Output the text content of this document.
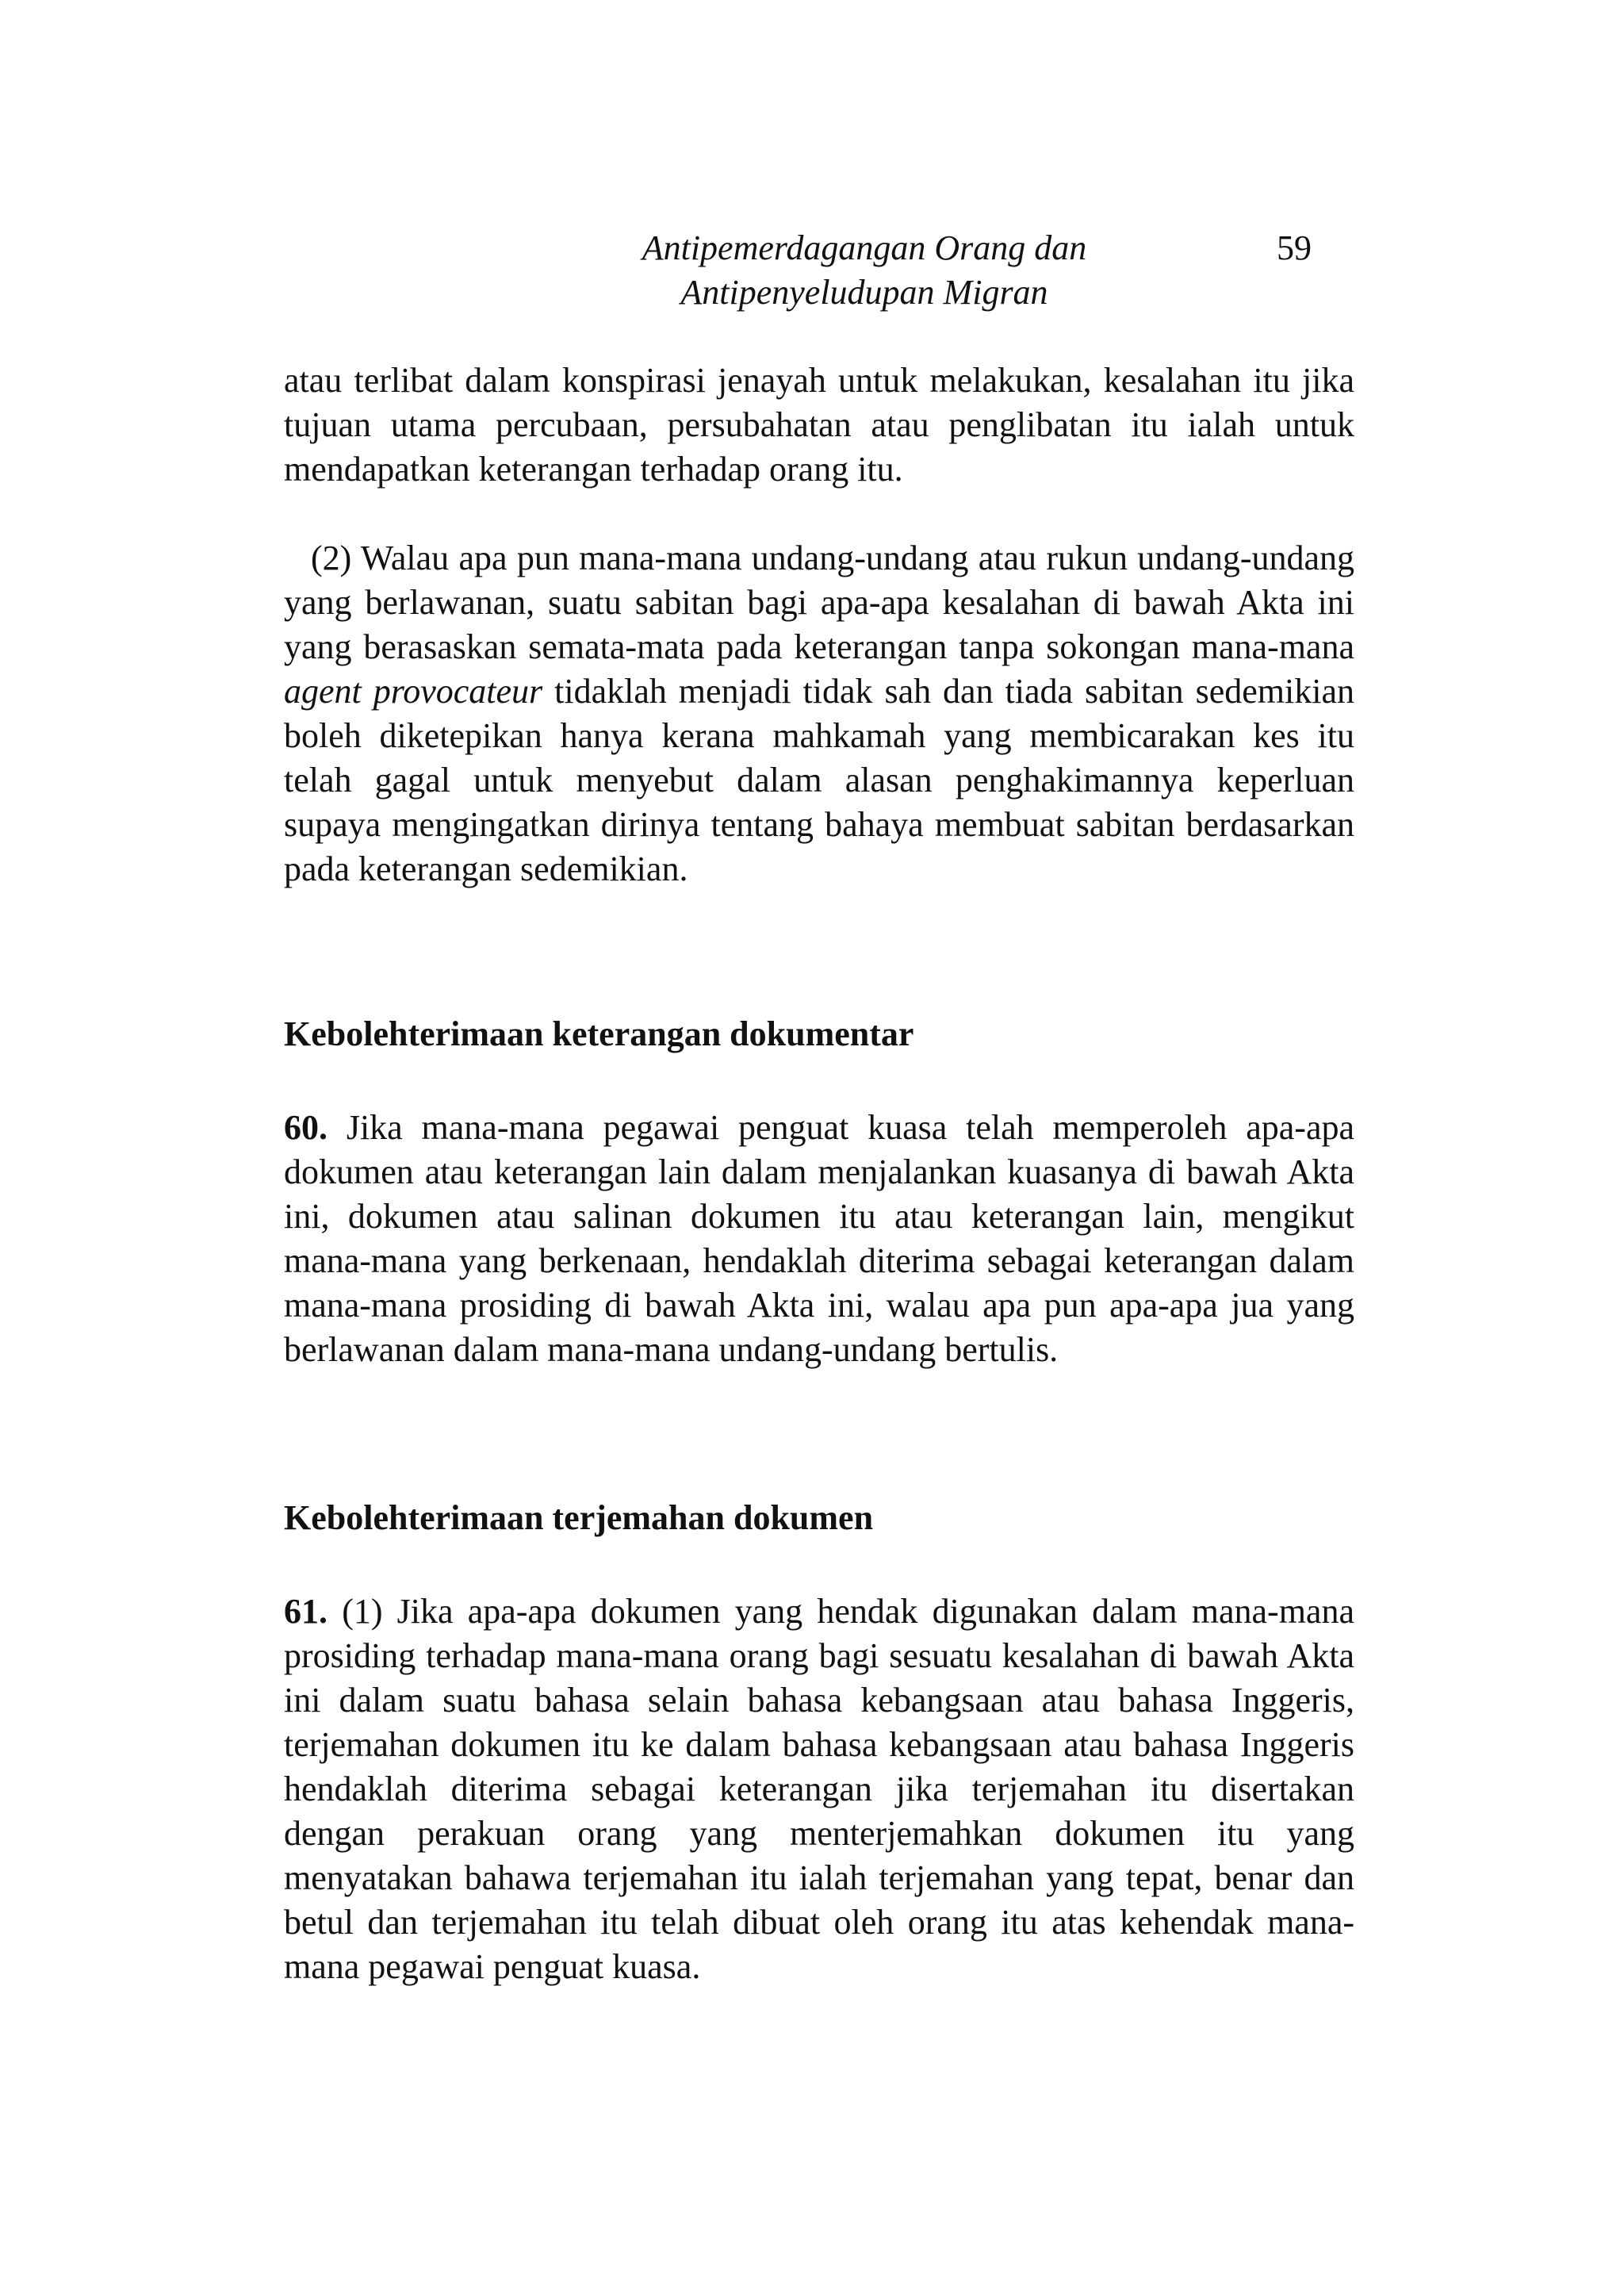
Antipemerdagangan Orang dan
Antipenyeludupan Migran
59

atau terlibat dalam konspirasi jenayah untuk melakukan, kesalahan itu jika tujuan utama percubaan, persubahatan atau penglibatan itu ialah untuk mendapatkan keterangan terhadap orang itu.

(2) Walau apa pun mana-mana undang-undang atau rukun undang-undang yang berlawanan, suatu sabitan bagi apa-apa kesalahan di bawah Akta ini yang berasaskan semata-mata pada keterangan tanpa sokongan mana-mana agent provocateur tidaklah menjadi tidak sah dan tiada sabitan sedemikian boleh diketepikan hanya kerana mahkamah yang membicarakan kes itu telah gagal untuk menyebut dalam alasan penghakimannya keperluan supaya mengingatkan dirinya tentang bahaya membuat sabitan berdasarkan pada keterangan sedemikian.

Kebolehterimaan keterangan dokumentar

60. Jika mana-mana pegawai penguat kuasa telah memperoleh apa-apa dokumen atau keterangan lain dalam menjalankan kuasanya di bawah Akta ini, dokumen atau salinan dokumen itu atau keterangan lain, mengikut mana-mana yang berkenaan, hendaklah diterima sebagai keterangan dalam mana-mana prosiding di bawah Akta ini, walau apa pun apa-apa jua yang berlawanan dalam mana-mana undang-undang bertulis.

Kebolehterimaan terjemahan dokumen

61. (1) Jika apa-apa dokumen yang hendak digunakan dalam mana-mana prosiding terhadap mana-mana orang bagi sesuatu kesalahan di bawah Akta ini dalam suatu bahasa selain bahasa kebangsaan atau bahasa Inggeris, terjemahan dokumen itu ke dalam bahasa kebangsaan atau bahasa Inggeris hendaklah diterima sebagai keterangan jika terjemahan itu disertakan dengan perakuan orang yang menterjemahkan dokumen itu yang menyatakan bahawa terjemahan itu ialah terjemahan yang tepat, benar dan betul dan terjemahan itu telah dibuat oleh orang itu atas kehendak mana-mana pegawai penguat kuasa.
